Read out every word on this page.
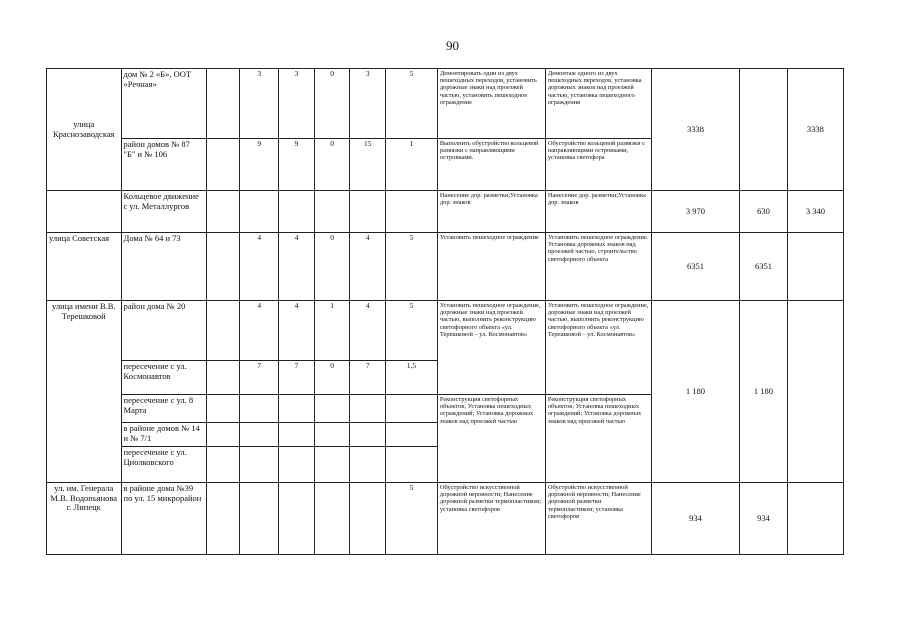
90
улица Красноэаводская	дом № 2 «Б», ООТ «Речная»		3	3	0	3	5	Демонтировать один из двух пешеходных переходов, установить дорожные знаки над проезжей частью, установить пешеходное ограждение	Демонтаж одного из двух пешеходных переходов, установка дорожных знаков над проезжей частью, установка пешеходного ограждения	3338		3338
	район домов № 87 "Б" и № 106		9	9	0	15	1	Выполнить обустройство кольцевой развязки с направляющими островками.	Обустройство кольцевой развязки с направляющими островками, установка светофора			
	Кольцевое движение с ул. Металлургов							Нанесение дор. разметки;Установка дор. знаков	Нанесение дор. разметки;Установка дор. знаков	3 970	630	3 340
улица Советская	Дома № 64 и 73		4	4	0	4	5	Установить пешеходное ограждение	Установить пешеходное ограждение. Установка дорожных знаков над проезжей частью, строительство светофорного объекта	6351	6351	
улица имени В.В. Терешковой	район дома № 20		4	4	1	4	5	Установить пешеходное ограждение, дорожные знаки над проезжей частью, выполнить реконструкцию светофорного объекта «ул. Терешковой – ул. Космонавтов»	Установить пешеходное ограждение, дорожные знаки над проезжей частью, выполнить реконструкцию светофорного объекта «ул. Терешковой – ул. Космонавтов»	1 180	1 180	
	пересечение с ул. Космонавтов		7	7	0	7	1,5					
	пересечение с ул. 8 Марта							Реконструкция светофорных объектов; Установка пешеходных ограждений; Установка дорожных знаков над проезжей частью	Реконструкция светофорных объектов; Установка пешеходных ограждений; Установка дорожных знаков над проезжей частью			
	в районе домов № 14 и № 7/1											
	пересечение с ул. Циолковского											
ул. им. Генерала М.В. Водопьянова г. Липецк	в районе дома №39 по ул. 15 микрорайон						5	Обустройство искусственной дорожной неровности; Нанесение дорожной разметки термопластиком; установка светофоров	Обустройство искусственной дорожной неровности; Нанесение дорожной разметки термопластиком; установка светофоров	934	934	
